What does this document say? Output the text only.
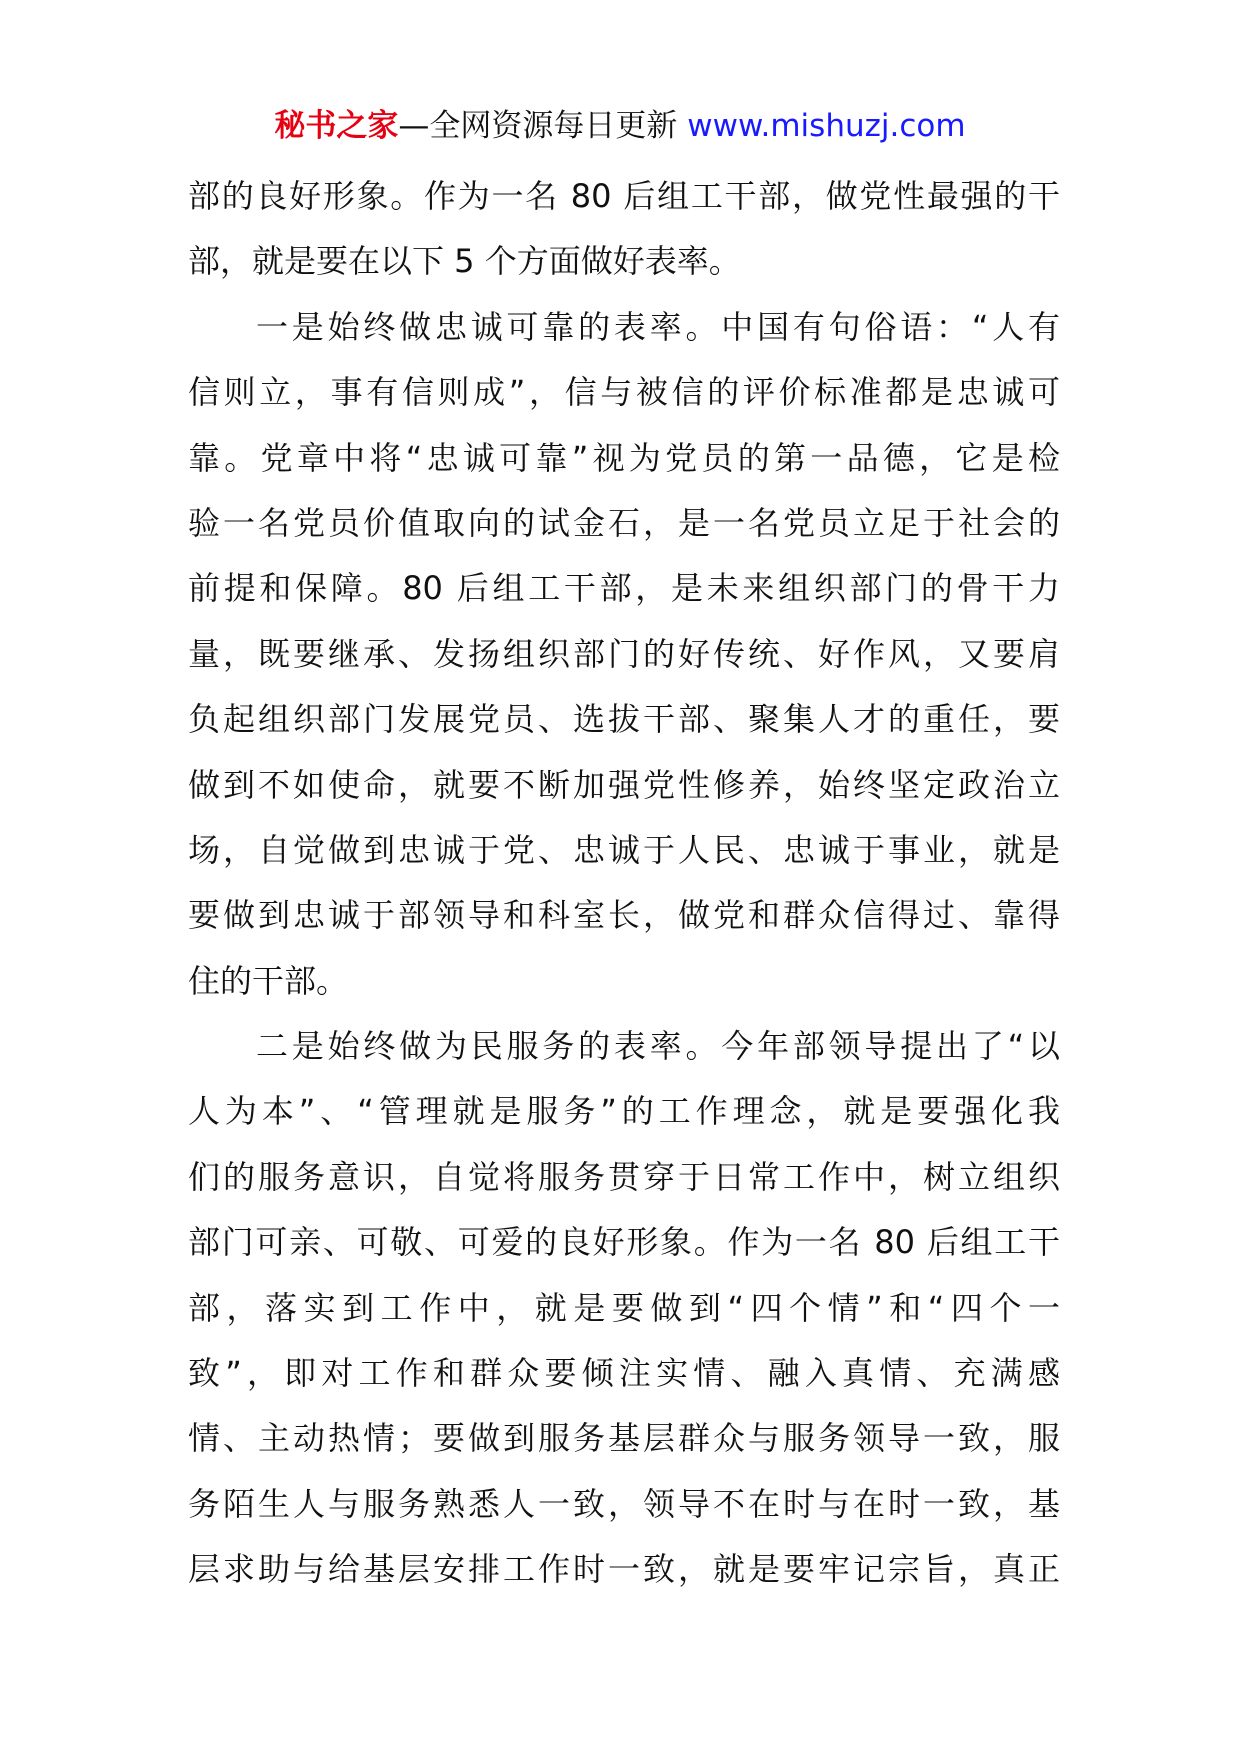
秘书之家—全网资源每日更新 www.mishuzj.com
部的良好形象。作为一名 80 后组工干部，做党性最强的干
部，就是要在以下 5 个方面做好表率。
一是始终做忠诚可靠的表率。中国有句俗语：“人有
信则立，事有信则成”，信与被信的评价标准都是忠诚可
靠。党章中将“忠诚可靠”视为党员的第一品德，它是检
验一名党员价值取向的试金石，是一名党员立足于社会的
前提和保障。80 后组工干部，是未来组织部门的骨干力
量，既要继承、发扬组织部门的好传统、好作风，又要肩
负起组织部门发展党员、选拔干部、聚集人才的重任，要
做到不如使命，就要不断加强党性修养，始终坚定政治立
场，自觉做到忠诚于党、忠诚于人民、忠诚于事业，就是
要做到忠诚于部领导和科室长，做党和群众信得过、靠得
住的干部。
二是始终做为民服务的表率。今年部领导提出了“以
人为本”、“管理就是服务”的工作理念，就是要强化我
们的服务意识，自觉将服务贯穿于日常工作中，树立组织
部门可亲、可敬、可爱的良好形象。作为一名 80 后组工干
部，落实到工作中，就是要做到“四个情”和“四个一
致”，即对工作和群众要倾注实情、融入真情、充满感
情、主动热情；要做到服务基层群众与服务领导一致，服
务陌生人与服务熟悉人一致，领导不在时与在时一致，基
层求助与给基层安排工作时一致，就是要牢记宗旨，真正
